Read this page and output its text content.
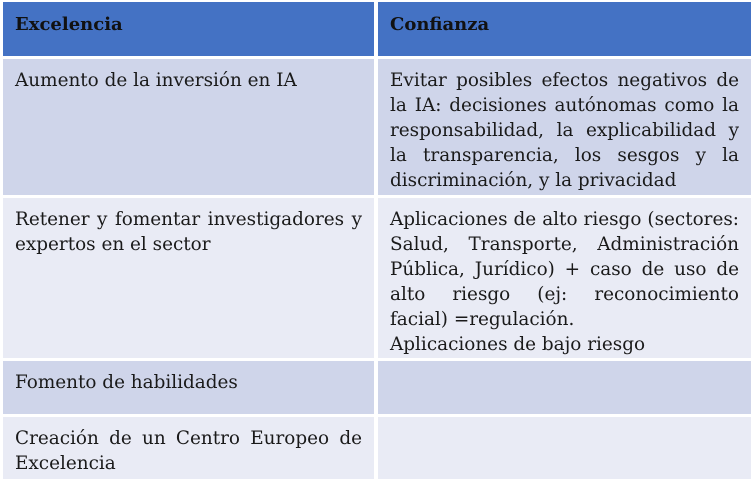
Excelencia	Confianza
Aumento de la inversión en IA	Evitar posibles efectos negativos de la IA: decisiones autónomas como la responsabilidad, la explicabilidad y la transparencia, los sesgos y la discriminación, y la privacidad
Retener y fomentar investigadores y expertos en el sector
Aplicaciones de alto riesgo (sectores: Salud, Transporte, Administración Pública, Jurídico) + caso de uso de alto riesgo (ej: reconocimiento facial) =regulación.
Aplicaciones de bajo riesgo
Fomento de habilidades
Creación de un Centro Europeo de Excelencia
